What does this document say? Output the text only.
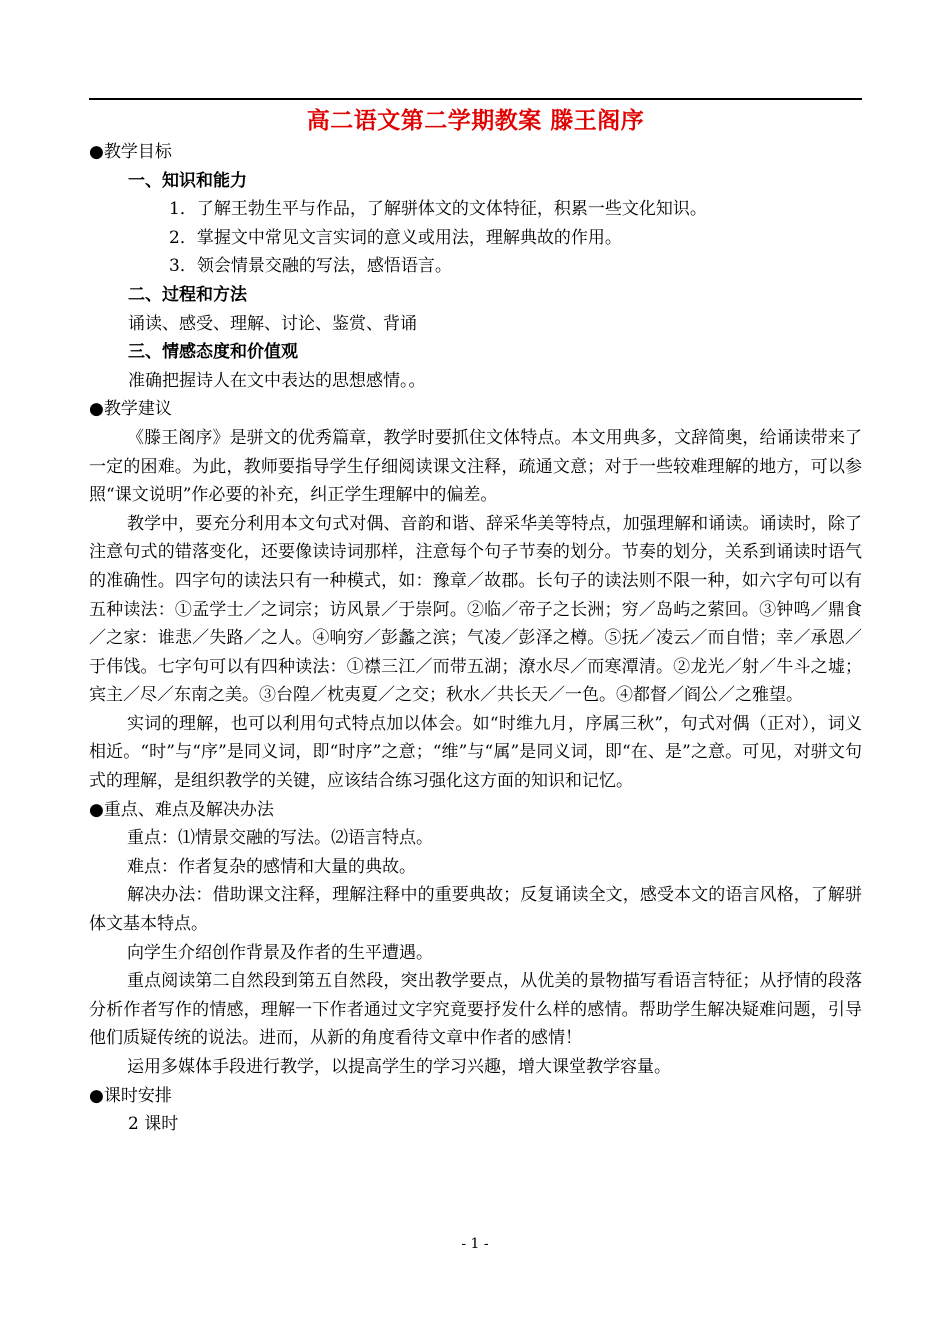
高二语文第二学期教案 滕王阁序
●教学目标
一、知识和能力
1．了解王勃生平与作品，了解骈体文的文体特征，积累一些文化知识。
2．掌握文中常见文言实词的意义或用法，理解典故的作用。
3．领会情景交融的写法，感悟语言。
二、过程和方法
诵读、感受、理解、讨论、鉴赏、背诵
三、情感态度和价值观
准确把握诗人在文中表达的思想感情。。
●教学建议

《滕王阁序》是骈文的优秀篇章，教学时要抓住文体特点。本文用典多，文辞简奥，给诵读带来了一定的困难。为此，教师要指导学生仔细阅读课文注释，疏通文意；对于一些较难理解的地方，可以参照“课文说明”作必要的补充，纠正学生理解中的偏差。

教学中，要充分利用本文句式对偶、音韵和谐、辞采华美等特点，加强理解和诵读。诵读时，除了注意句式的错落变化，还要像读诗词那样，注意每个句子节奏的划分。节奏的划分，关系到诵读时语气的准确性。四字句的读法只有一种模式，如：豫章／故郡。长句子的读法则不限一种，如六字句可以有五种读法：①孟学士／之词宗；访风景／于崇阿。②临／帝子之长洲；穷／岛屿之萦回。③钟鸣／鼎食／之家：谁悲／失路／之人。④响穷／彭蠡之滨；气凌／彭泽之樽。⑤抚／凌云／而自惜；幸／承恩／于伟饯。七字句可以有四种读法：①襟三江／而带五湖；潦水尽／而寒潭清。②龙光／射／牛斗之墟；宾主／尽／东南之美。③台隍／枕夷夏／之交；秋水／共长天／一色。④都督／阎公／之雅望。

实词的理解，也可以利用句式特点加以体会。如“时维九月，序属三秋”，句式对偶（正对），词义相近。“时”与“序”是同义词，即“时序”之意；“维”与“属”是同义词，即“在、是”之意。可见，对骈文句式的理解，是组织教学的关键，应该结合练习强化这方面的知识和记忆。

●重点、难点及解决办法

重点：⑴情景交融的写法。⑵语言特点。

难点：作者复杂的感情和大量的典故。

解决办法：借助课文注释，理解注释中的重要典故；反复诵读全文，感受本文的语言风格，了解骈体文基本特点。

向学生介绍创作背景及作者的生平遭遇。

重点阅读第二自然段到第五自然段，突出教学要点，从优美的景物描写看语言特征；从抒情的段落分析作者写作的情感，理解一下作者通过文字究竟要抒发什么样的感情。帮助学生解决疑难问题，引导他们质疑传统的说法。进而，从新的角度看待文章中作者的感情！

运用多媒体手段进行教学，以提高学生的学习兴趣，增大课堂教学容量。

●课时安排
2 课时
- 1 -
